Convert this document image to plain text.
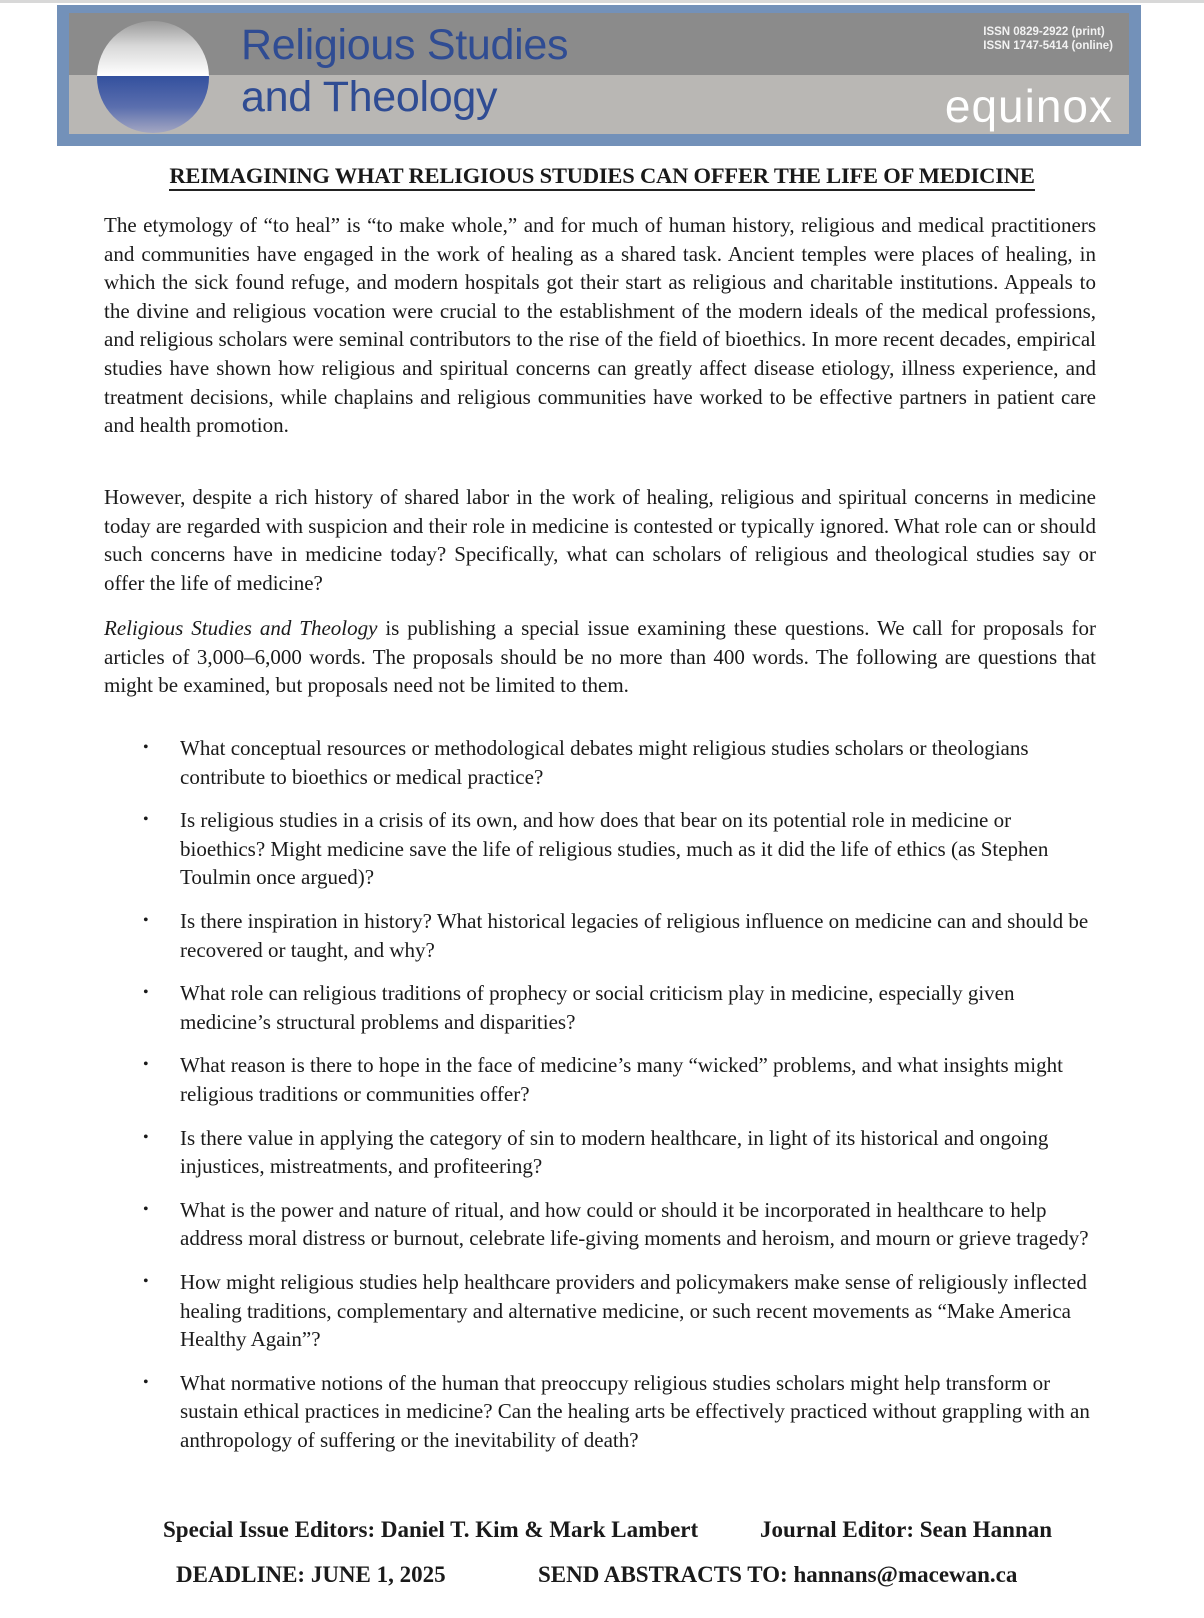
Religious Studies
and Theology
ISSN 0829-2922 (print)
ISSN 1747-5414 (online)
equinox
REIMAGINING WHAT RELIGIOUS STUDIES CAN OFFER THE LIFE OF MEDICINE

The etymology of “to heal” is “to make whole,” and for much of human history, religious and medical practitioners and communities have engaged in the work of healing as a shared task. Ancient temples were places of healing, in which the sick found refuge, and modern hospitals got their start as religious and charitable institutions. Appeals to the divine and religious vocation were crucial to the establishment of the modern ideals of the medical professions, and religious scholars were seminal contributors to the rise of the field of bioethics. In more recent decades, empirical studies have shown how religious and spiritual concerns can greatly affect disease etiology, illness experience, and treatment decisions, while chaplains and religious communities have worked to be effective partners in patient care and health promotion.

However, despite a rich history of shared labor in the work of healing, religious and spiritual concerns in medicine today are regarded with suspicion and their role in medicine is contested or typically ignored. What role can or should such concerns have in medicine today? Specifically, what can scholars of religious and theological studies say or offer the life of medicine?

Religious Studies and Theology is publishing a special issue examining these questions. We call for proposals for articles of 3,000–6,000 words. The proposals should be no more than 400 words. The following are questions that might be examined, but proposals need not be limited to them.

• What conceptual resources or methodological debates might religious studies scholars or theologians contribute to bioethics or medical practice?
• Is religious studies in a crisis of its own, and how does that bear on its potential role in medicine or bioethics? Might medicine save the life of religious studies, much as it did the life of ethics (as Stephen Toulmin once argued)?
• Is there inspiration in history? What historical legacies of religious influence on medicine can and should be recovered or taught, and why?
• What role can religious traditions of prophecy or social criticism play in medicine, especially given medicine’s structural problems and disparities?
• What reason is there to hope in the face of medicine’s many “wicked” problems, and what insights might religious traditions or communities offer?
• Is there value in applying the category of sin to modern healthcare, in light of its historical and ongoing injustices, mistreatments, and profiteering?
• What is the power and nature of ritual, and how could or should it be incorporated in healthcare to help address moral distress or burnout, celebrate life-giving moments and heroism, and mourn or grieve tragedy?
• How might religious studies help healthcare providers and policymakers make sense of religiously inflected healing traditions, complementary and alternative medicine, or such recent movements as “Make America Healthy Again”?
• What normative notions of the human that preoccupy religious studies scholars might help transform or sustain ethical practices in medicine? Can the healing arts be effectively practiced without grappling with an anthropology of suffering or the inevitability of death?
Special Issue Editors: Daniel T. Kim & Mark Lambert	Journal Editor: Sean Hannan
DEADLINE: JUNE 1, 2025	SEND ABSTRACTS TO: hannans@macewan.ca
